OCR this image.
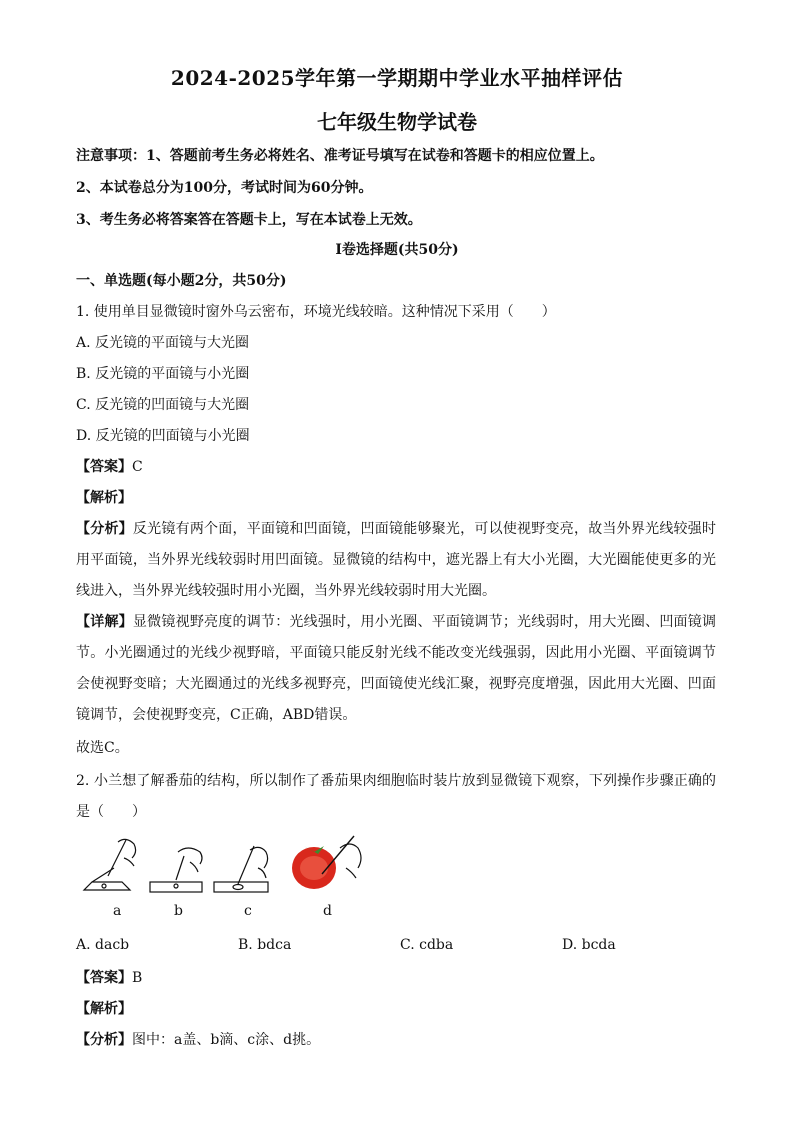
2024-2025学年第一学期期中学业水平抽样评估
七年级生物学试卷
注意事项：1、答题前考生务必将姓名、准考证号填写在试卷和答题卡的相应位置上。
2、本试卷总分为100分，考试时间为60分钟。
3、考生务必将答案答在答题卡上，写在本试卷上无效。
I卷选择题(共50分)
一、单选题(每小题2分，共50分)
1. 使用单目显微镜时窗外乌云密布，环境光线较暗。这种情况下采用（　　）
A. 反光镜的平面镜与大光圈
B. 反光镜的平面镜与小光圈
C. 反光镜的凹面镜与大光圈
D. 反光镜的凹面镜与小光圈
【答案】C
【解析】
【分析】反光镜有两个面，平面镜和凹面镜，凹面镜能够聚光，可以使视野变亮，故当外界光线较强时用平面镜，当外界光线较弱时用凹面镜。显微镜的结构中，遮光器上有大小光圈，大光圈能使更多的光线进入，当外界光线较强时用小光圈，当外界光线较弱时用大光圈。
【详解】显微镜视野亮度的调节：光线强时，用小光圈、平面镜调节；光线弱时，用大光圈、凹面镜调节。小光圈通过的光线少视野暗，平面镜只能反射光线不能改变光线强弱，因此用小光圈、平面镜调节会使视野变暗；大光圈通过的光线多视野亮，凹面镜使光线汇聚，视野亮度增强，因此用大光圈、凹面镜调节，会使视野变亮，C正确，ABD错误。
故选C。
2. 小兰想了解番茄的结构，所以制作了番茄果肉细胞临时装片放到显微镜下观察，下列操作步骤正确的是（　　）
a	b	c	d
A. dacb	B. bdca	C. cdba	D. bcda
【答案】B
【解析】
【分析】图中：a盖、b滴、c涂、d挑。
